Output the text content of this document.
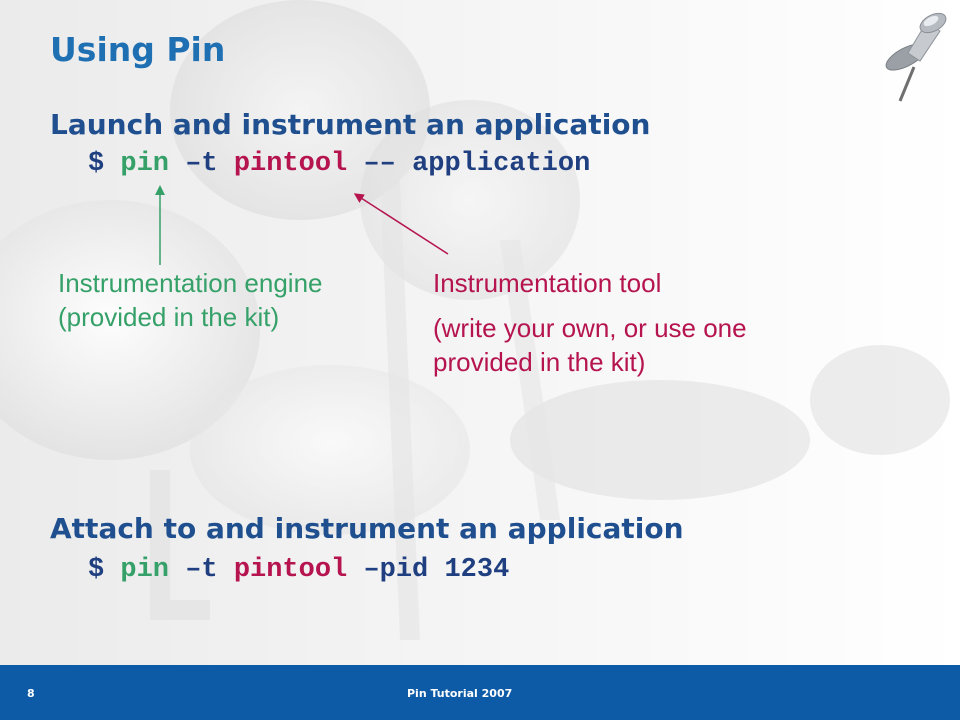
Using Pin
Launch and instrument an application
$ pin –t pintool –– application
Instrumentation engine
(provided in the kit)
Instrumentation tool
(write your own, or use one
provided in the kit)
Attach to and instrument an application
$ pin –t pintool –pid 1234
8	Pin Tutorial 2007
